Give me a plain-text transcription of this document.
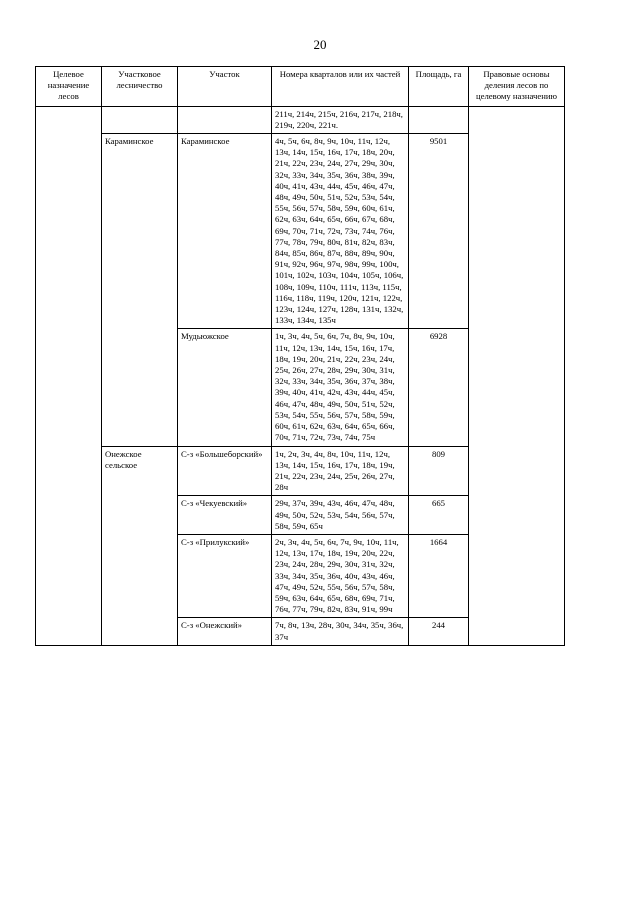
20
Целевое назначение лесов	Участковое лесничество	Участок	Номера кварталов или их частей	Площадь, га	Правовые основы деления лесов по целевому назначению
			211ч, 214ч, 215ч, 216ч, 217ч, 218ч, 219ч, 220ч, 221ч.		
	Караминское	Караминское	4ч, 5ч, 6ч, 8ч, 9ч, 10ч, 11ч, 12ч, 13ч, 14ч, 15ч, 16ч, 17ч, 18ч, 20ч, 21ч, 22ч, 23ч, 24ч, 27ч, 29ч, 30ч, 32ч, 33ч, 34ч, 35ч, 36ч, 38ч, 39ч, 40ч, 41ч, 43ч, 44ч, 45ч, 46ч, 47ч, 48ч, 49ч, 50ч, 51ч, 52ч, 53ч, 54ч, 55ч, 56ч, 57ч, 58ч, 59ч, 60ч, 61ч, 62ч, 63ч, 64ч, 65ч, 66ч, 67ч, 68ч, 69ч, 70ч, 71ч, 72ч, 73ч, 74ч, 76ч, 77ч, 78ч, 79ч, 80ч, 81ч, 82ч, 83ч, 84ч, 85ч, 86ч, 87ч, 88ч, 89ч, 90ч, 91ч, 92ч, 96ч, 97ч, 98ч, 99ч, 100ч, 101ч, 102ч, 103ч, 104ч, 105ч, 106ч, 108ч, 109ч, 110ч, 111ч, 113ч, 115ч, 116ч, 118ч, 119ч, 120ч, 121ч, 122ч, 123ч, 124ч, 127ч, 128ч, 131ч, 132ч, 133ч, 134ч, 135ч	9501	
		Мудьюжское	1ч, 3ч, 4ч, 5ч, 6ч, 7ч, 8ч, 9ч, 10ч, 11ч, 12ч, 13ч, 14ч, 15ч, 16ч, 17ч, 18ч, 19ч, 20ч, 21ч, 22ч, 23ч, 24ч, 25ч, 26ч, 27ч, 28ч, 29ч, 30ч, 31ч, 32ч, 33ч, 34ч, 35ч, 36ч, 37ч, 38ч, 39ч, 40ч, 41ч, 42ч, 43ч, 44ч, 45ч, 46ч, 47ч, 48ч, 49ч, 50ч, 51ч, 52ч, 53ч, 54ч, 55ч, 56ч, 57ч, 58ч, 59ч, 60ч, 61ч, 62ч, 63ч, 64ч, 65ч, 66ч, 70ч, 71ч, 72ч, 73ч, 74ч, 75ч	6928	
	Онежское сельское	С-з «Большеборский»	1ч, 2ч, 3ч, 4ч, 8ч, 10ч, 11ч, 12ч, 13ч, 14ч, 15ч, 16ч, 17ч, 18ч, 19ч, 21ч, 22ч, 23ч, 24ч, 25ч, 26ч, 27ч, 28ч	809	
		С-з «Чекуевский»	29ч, 37ч, 39ч, 43ч, 46ч, 47ч, 48ч, 49ч, 50ч, 52ч, 53ч, 54ч, 56ч, 57ч, 58ч, 59ч, 65ч	665	
		С-з «Прилукский»	2ч, 3ч, 4ч, 5ч, 6ч, 7ч, 9ч, 10ч, 11ч, 12ч, 13ч, 17ч, 18ч, 19ч, 20ч, 22ч, 23ч, 24ч, 28ч, 29ч, 30ч, 31ч, 32ч, 33ч, 34ч, 35ч, 36ч, 40ч, 43ч, 46ч, 47ч, 49ч, 52ч, 55ч, 56ч, 57ч, 58ч, 59ч, 63ч, 64ч, 65ч, 68ч, 69ч, 71ч, 76ч, 77ч, 79ч, 82ч, 83ч, 91ч, 99ч	1664	
		С-з «Онежский»	7ч, 8ч, 13ч, 28ч, 30ч, 34ч, 35ч, 36ч, 37ч	244	
